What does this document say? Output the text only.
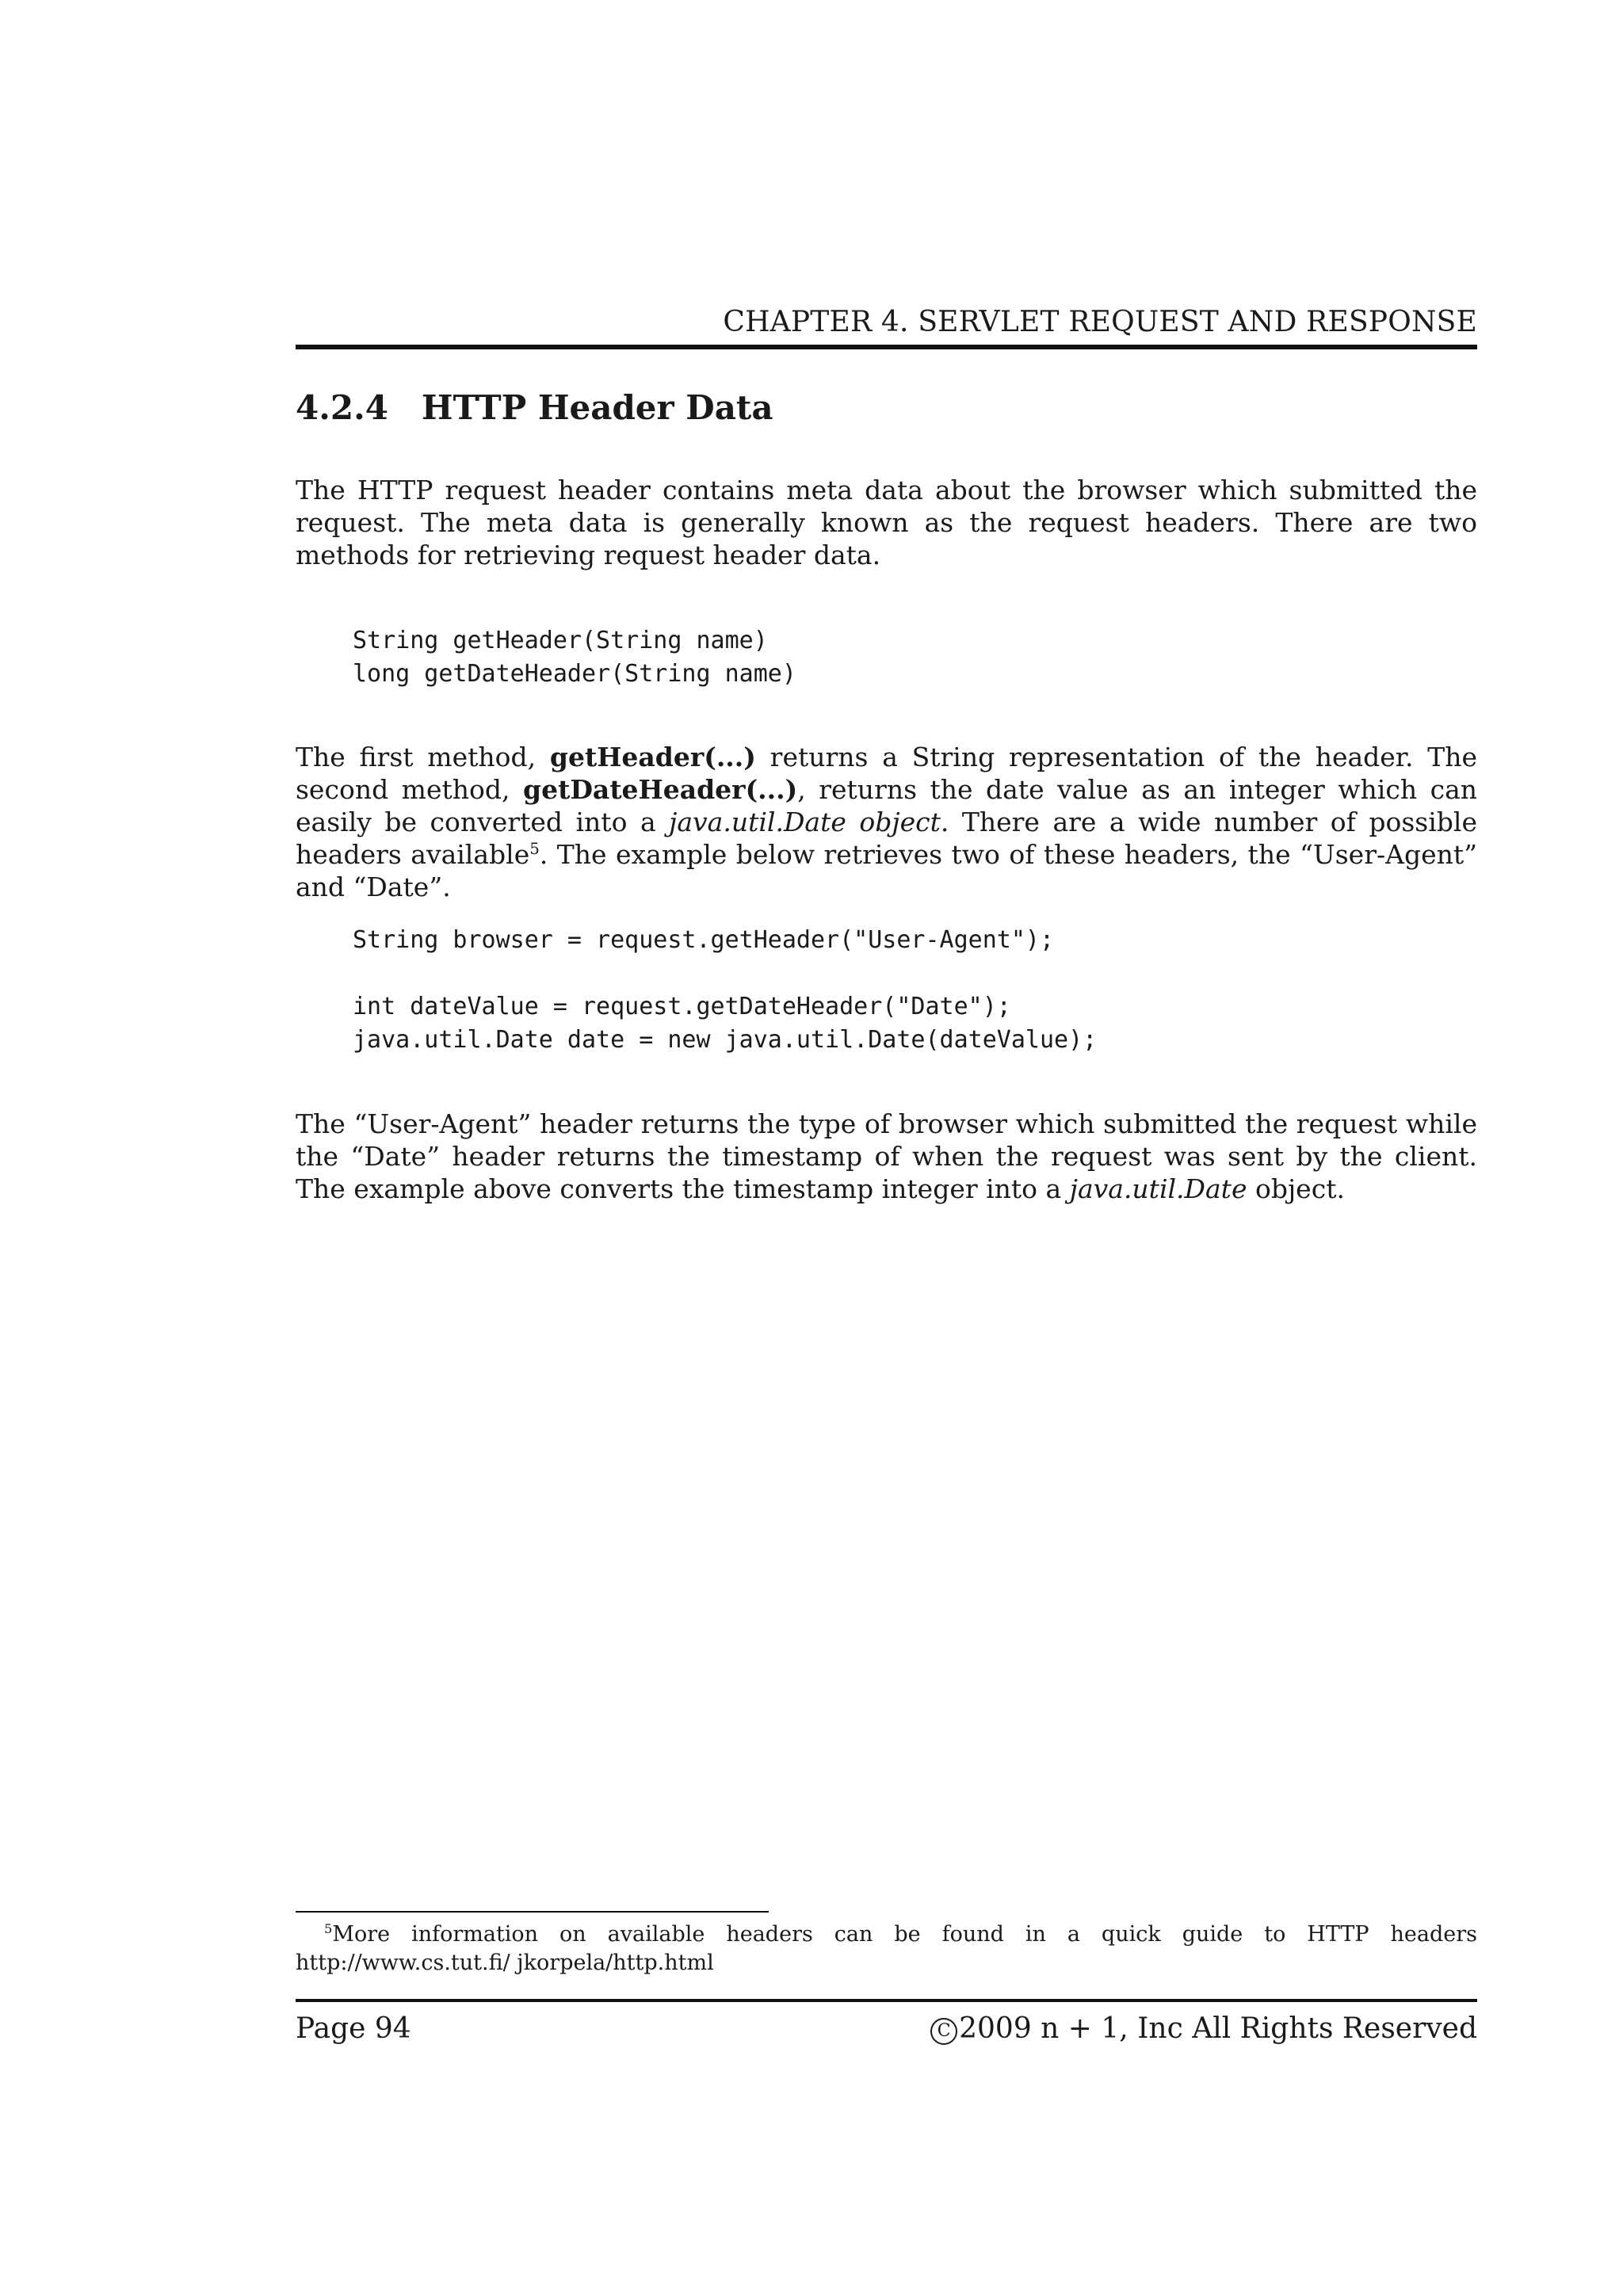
CHAPTER 4. SERVLET REQUEST AND RESPONSE
4.2.4 HTTP Header Data

The HTTP request header contains meta data about the browser which submitted the request. The meta data is generally known as the request headers. There are two methods for retrieving request header data.

String getHeader(String name)
long getDateHeader(String name)

The first method, getHeader(...) returns a String representation of the header. The second method, getDateHeader(...), returns the date value as an integer which can easily be converted into a java.util.Date object. There are a wide number of possible headers available$^5$. The example below retrieves two of these headers, the “User-Agent” and “Date”.

String browser = request.getHeader("User-Agent");

int dateValue = request.getDateHeader("Date");
java.util.Date date = new java.util.Date(dateValue);

The “User-Agent” header returns the type of browser which submitted the request while the “Date” header returns the timestamp of when the request was sent by the client. The example above converts the timestamp integer into a java.util.Date object.

$^5$More information on available headers can be found in a quick guide to HTTP headers http://www.cs.tut.fi/ jkorpela/http.html
Page 94	C 2009 n + 1, Inc All Rights Reserved
